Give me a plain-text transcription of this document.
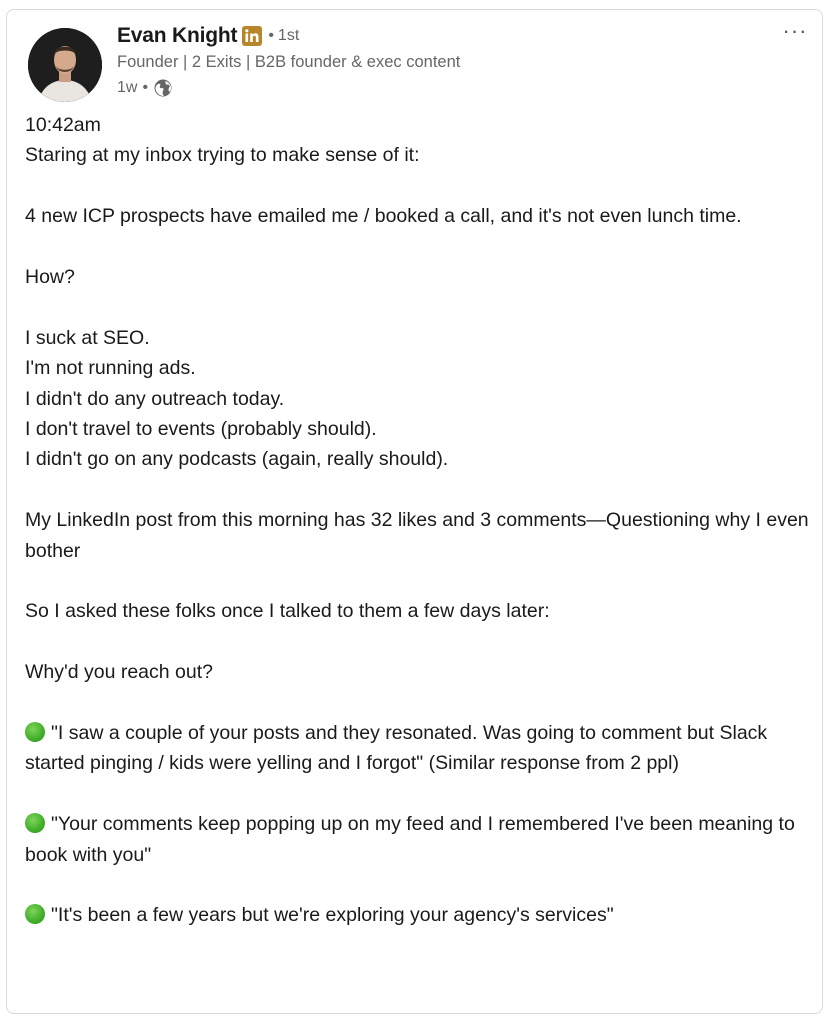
Evan Knight • 1st
Founder | 2 Exits | B2B founder & exec content
1w •
···

10:42am

Staring at my inbox trying to make sense of it:

4 new ICP prospects have emailed me / booked a call, and it's not even lunch time.

How?

I suck at SEO.

I'm not running ads.

I didn't do any outreach today.

I don't travel to events (probably should).

I didn't go on any podcasts (again, really should).

My LinkedIn post from this morning has 32 likes and 3 comments—Questioning why I even bother

So I asked these folks once I talked to them a few days later:

Why'd you reach out?

"I saw a couple of your posts and they resonated. Was going to comment but Slack started pinging / kids were yelling and I forgot" (Similar response from 2 ppl)

"Your comments keep popping up on my feed and I remembered I've been meaning to book with you"

"It's been a few years but we're exploring your agency's services"
